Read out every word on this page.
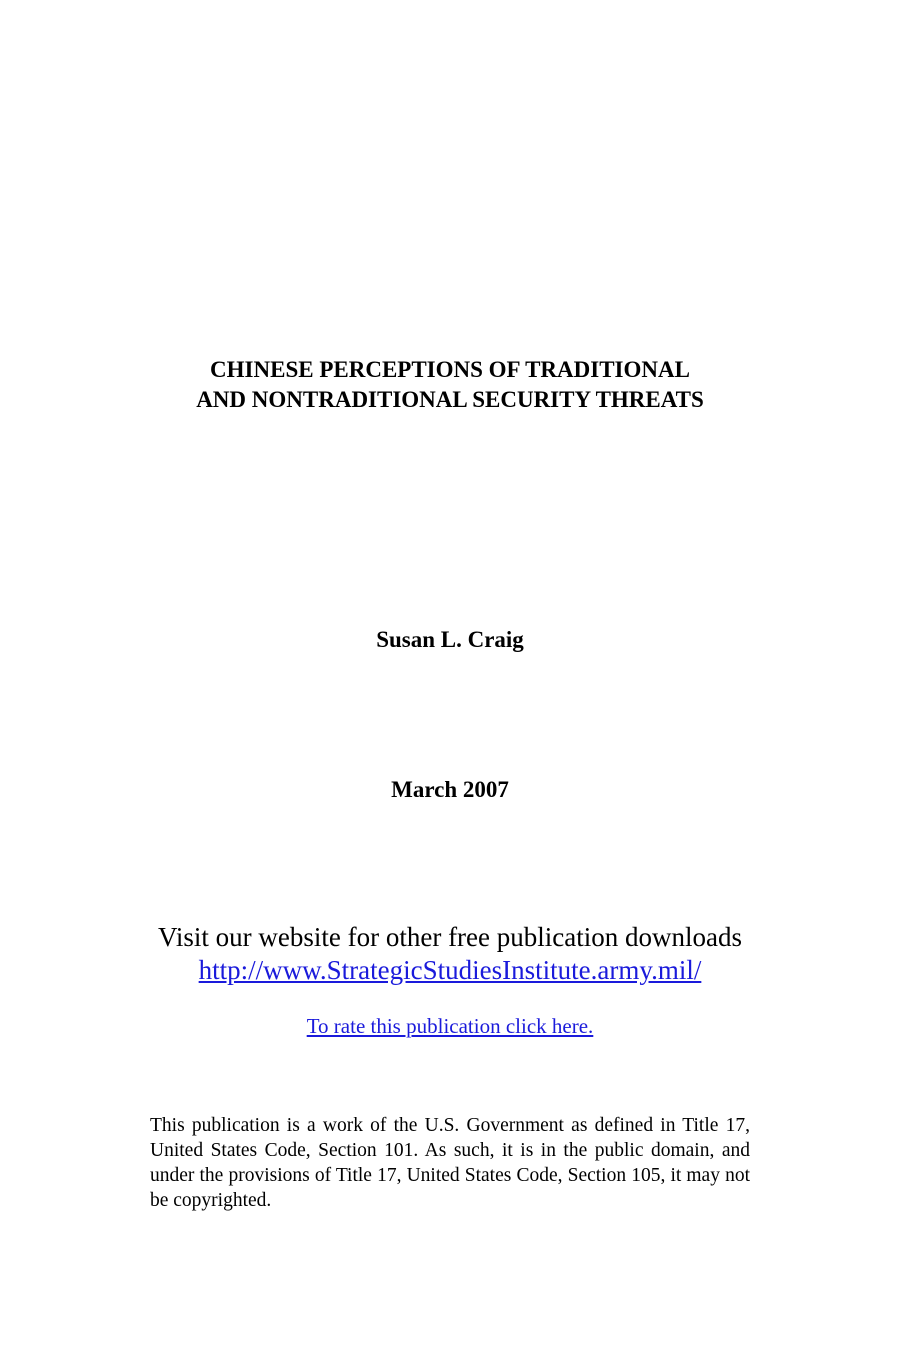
CHINESE PERCEPTIONS OF TRADITIONAL
AND NONTRADITIONAL SECURITY THREATS
Susan L. Craig
March 2007
Visit our website for other free publication downloads
http://www.StrategicStudiesInstitute.army.mil/
To rate this publication click here.
This publication is a work of the U.S. Government as defined in Title 17, United States Code, Section 101. As such, it is in the public domain, and under the provisions of Title 17, United States Code, Section 105, it may not be copyrighted.
